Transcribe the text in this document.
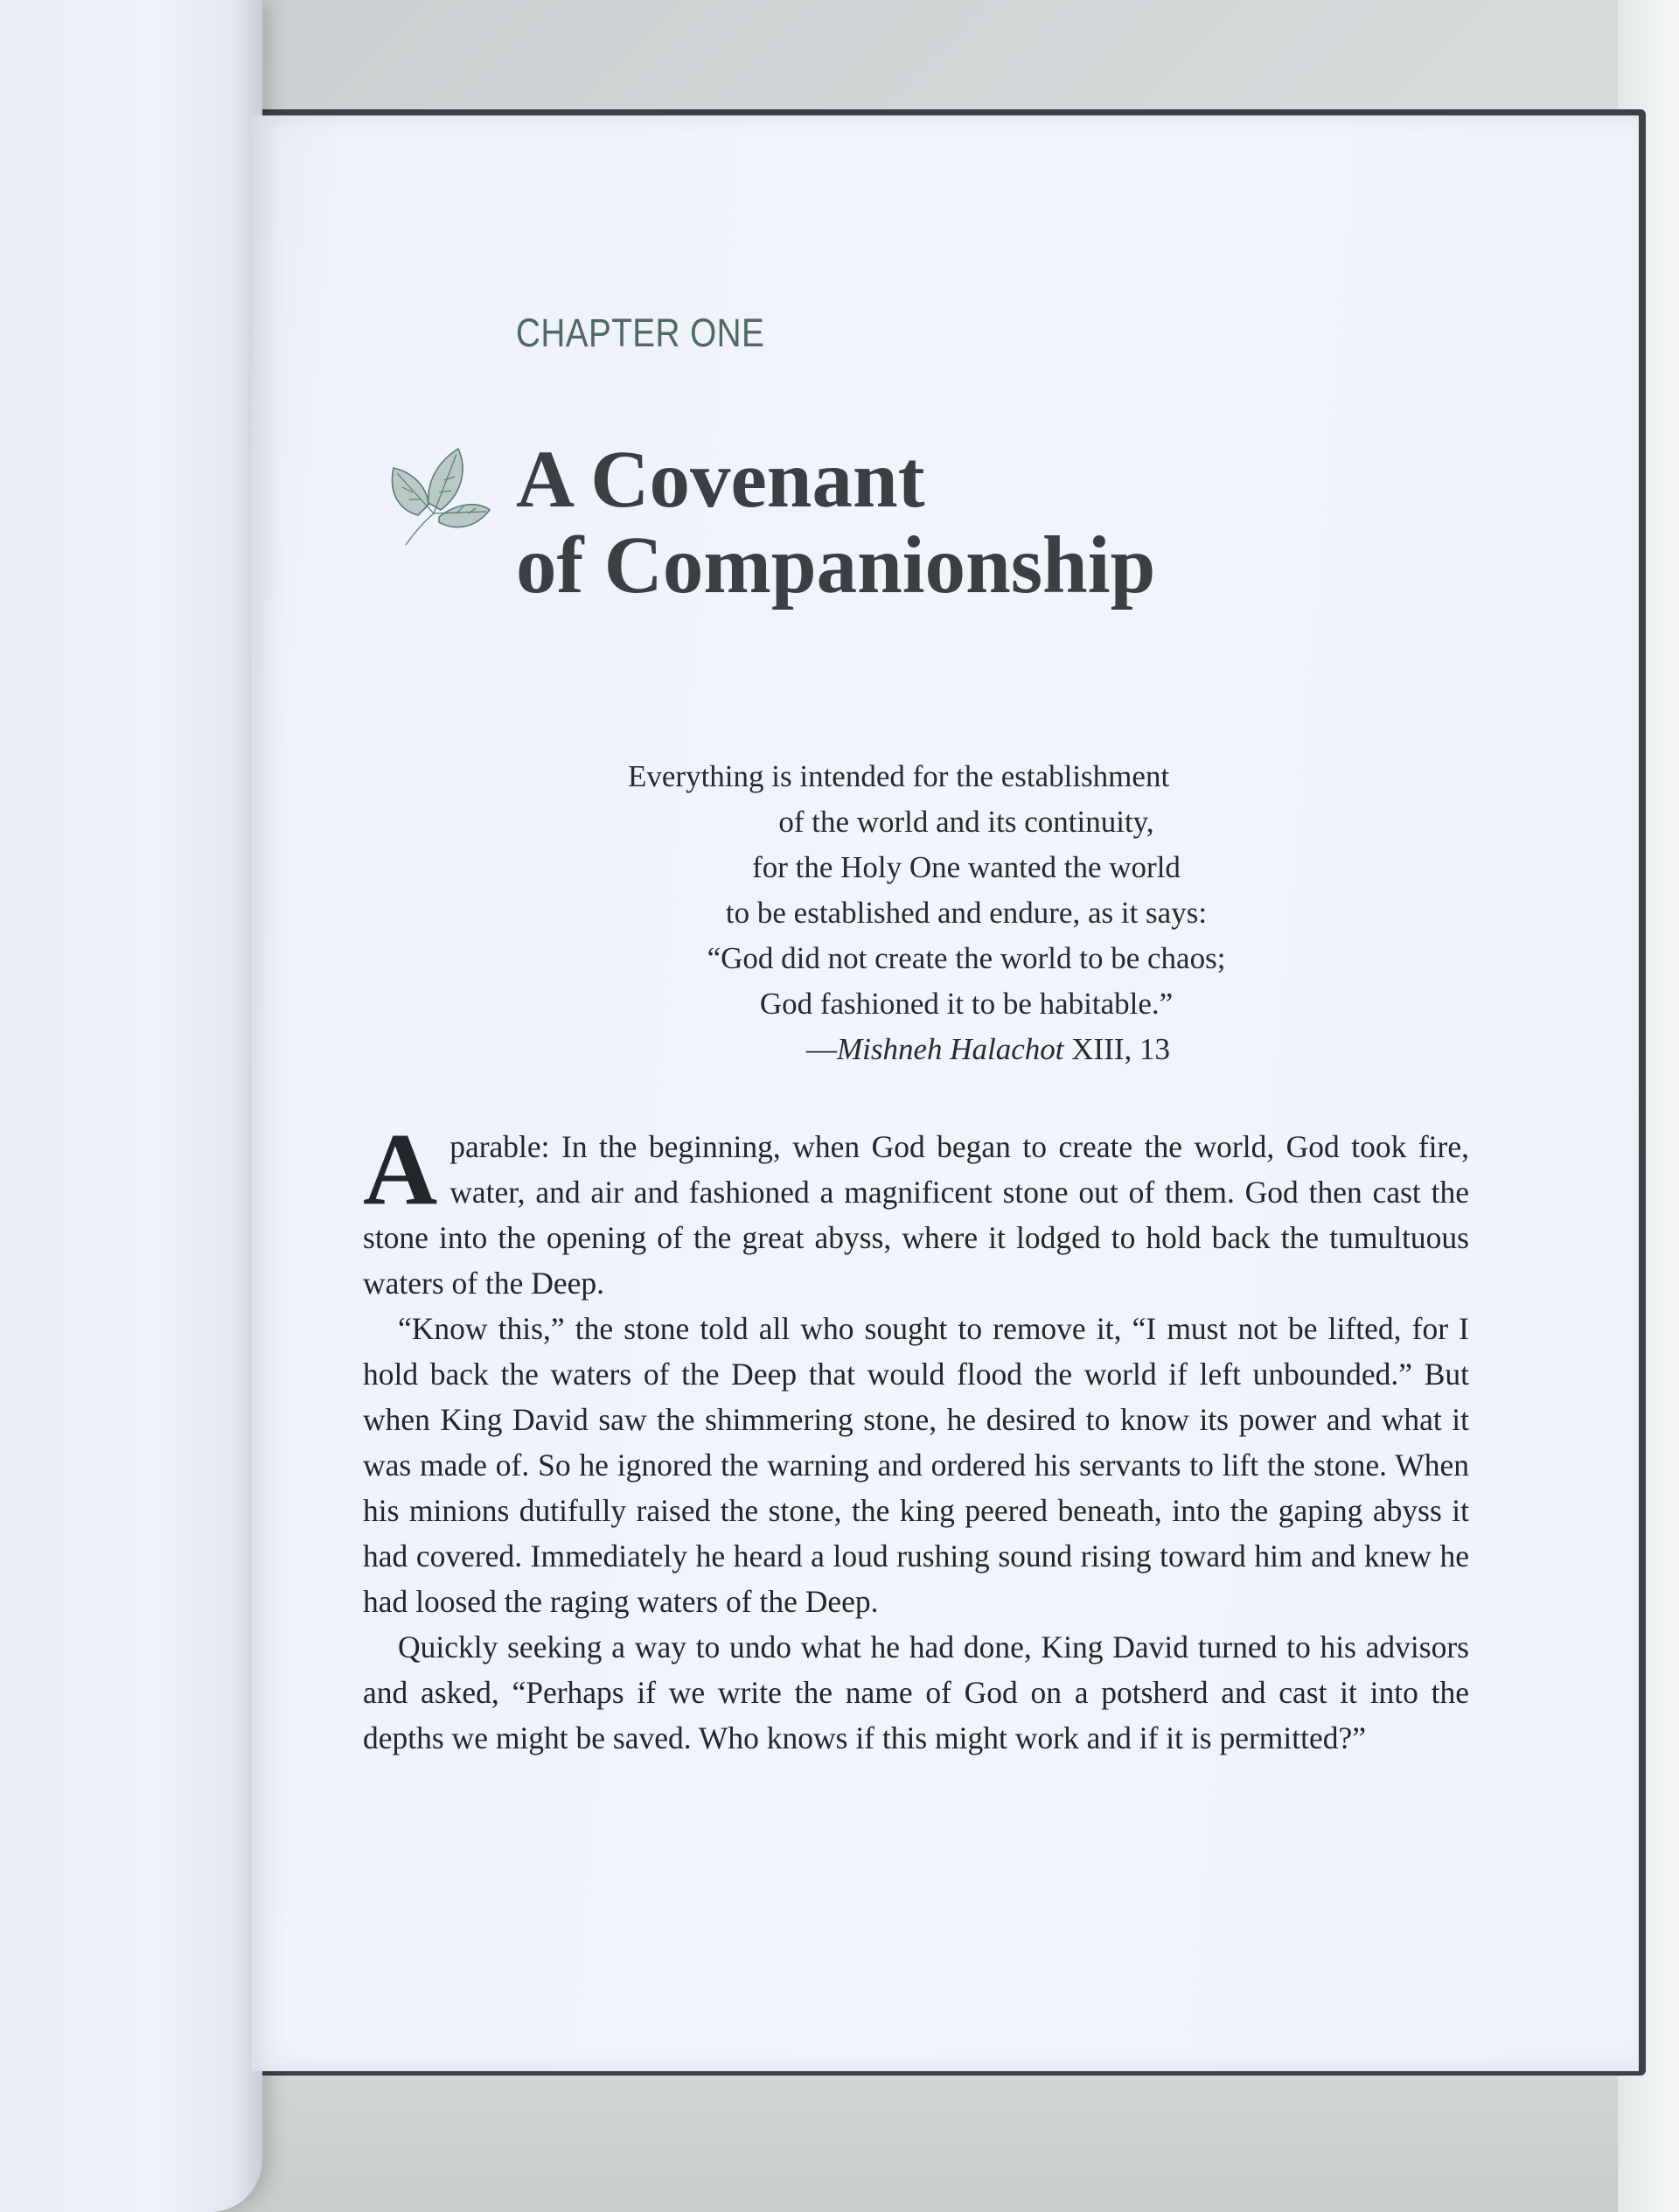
CHAPTER ONE
A Covenant
of Companionship
Everything is intended for the establishment
of the world and its continuity,
for the Holy One wanted the world
to be established and endure, as it says:
“God did not create the world to be chaos;
God fashioned it to be habitable.”
—Mishneh Halachot XIII, 13

A parable: In the beginning, when God began to create the world, God took fire, water, and air and fashioned a magnificent stone out of them. God then cast the stone into the opening of the great abyss, where it lodged to hold back the tumultuous waters of the Deep.

“Know this,” the stone told all who sought to remove it, “I must not be lifted, for I hold back the waters of the Deep that would flood the world if left unbounded.” But when King David saw the shimmering stone, he desired to know its power and what it was made of. So he ignored the warning and ordered his servants to lift the stone. When his minions dutifully raised the stone, the king peered beneath, into the gaping abyss it had covered. Immediately he heard a loud rushing sound rising toward him and knew he had loosed the raging waters of the Deep.

Quickly seeking a way to undo what he had done, King David turned to his advisors and asked, “Perhaps if we write the name of God on a potsherd and cast it into the depths we might be saved. Who knows if this might work and if it is permitted?”
